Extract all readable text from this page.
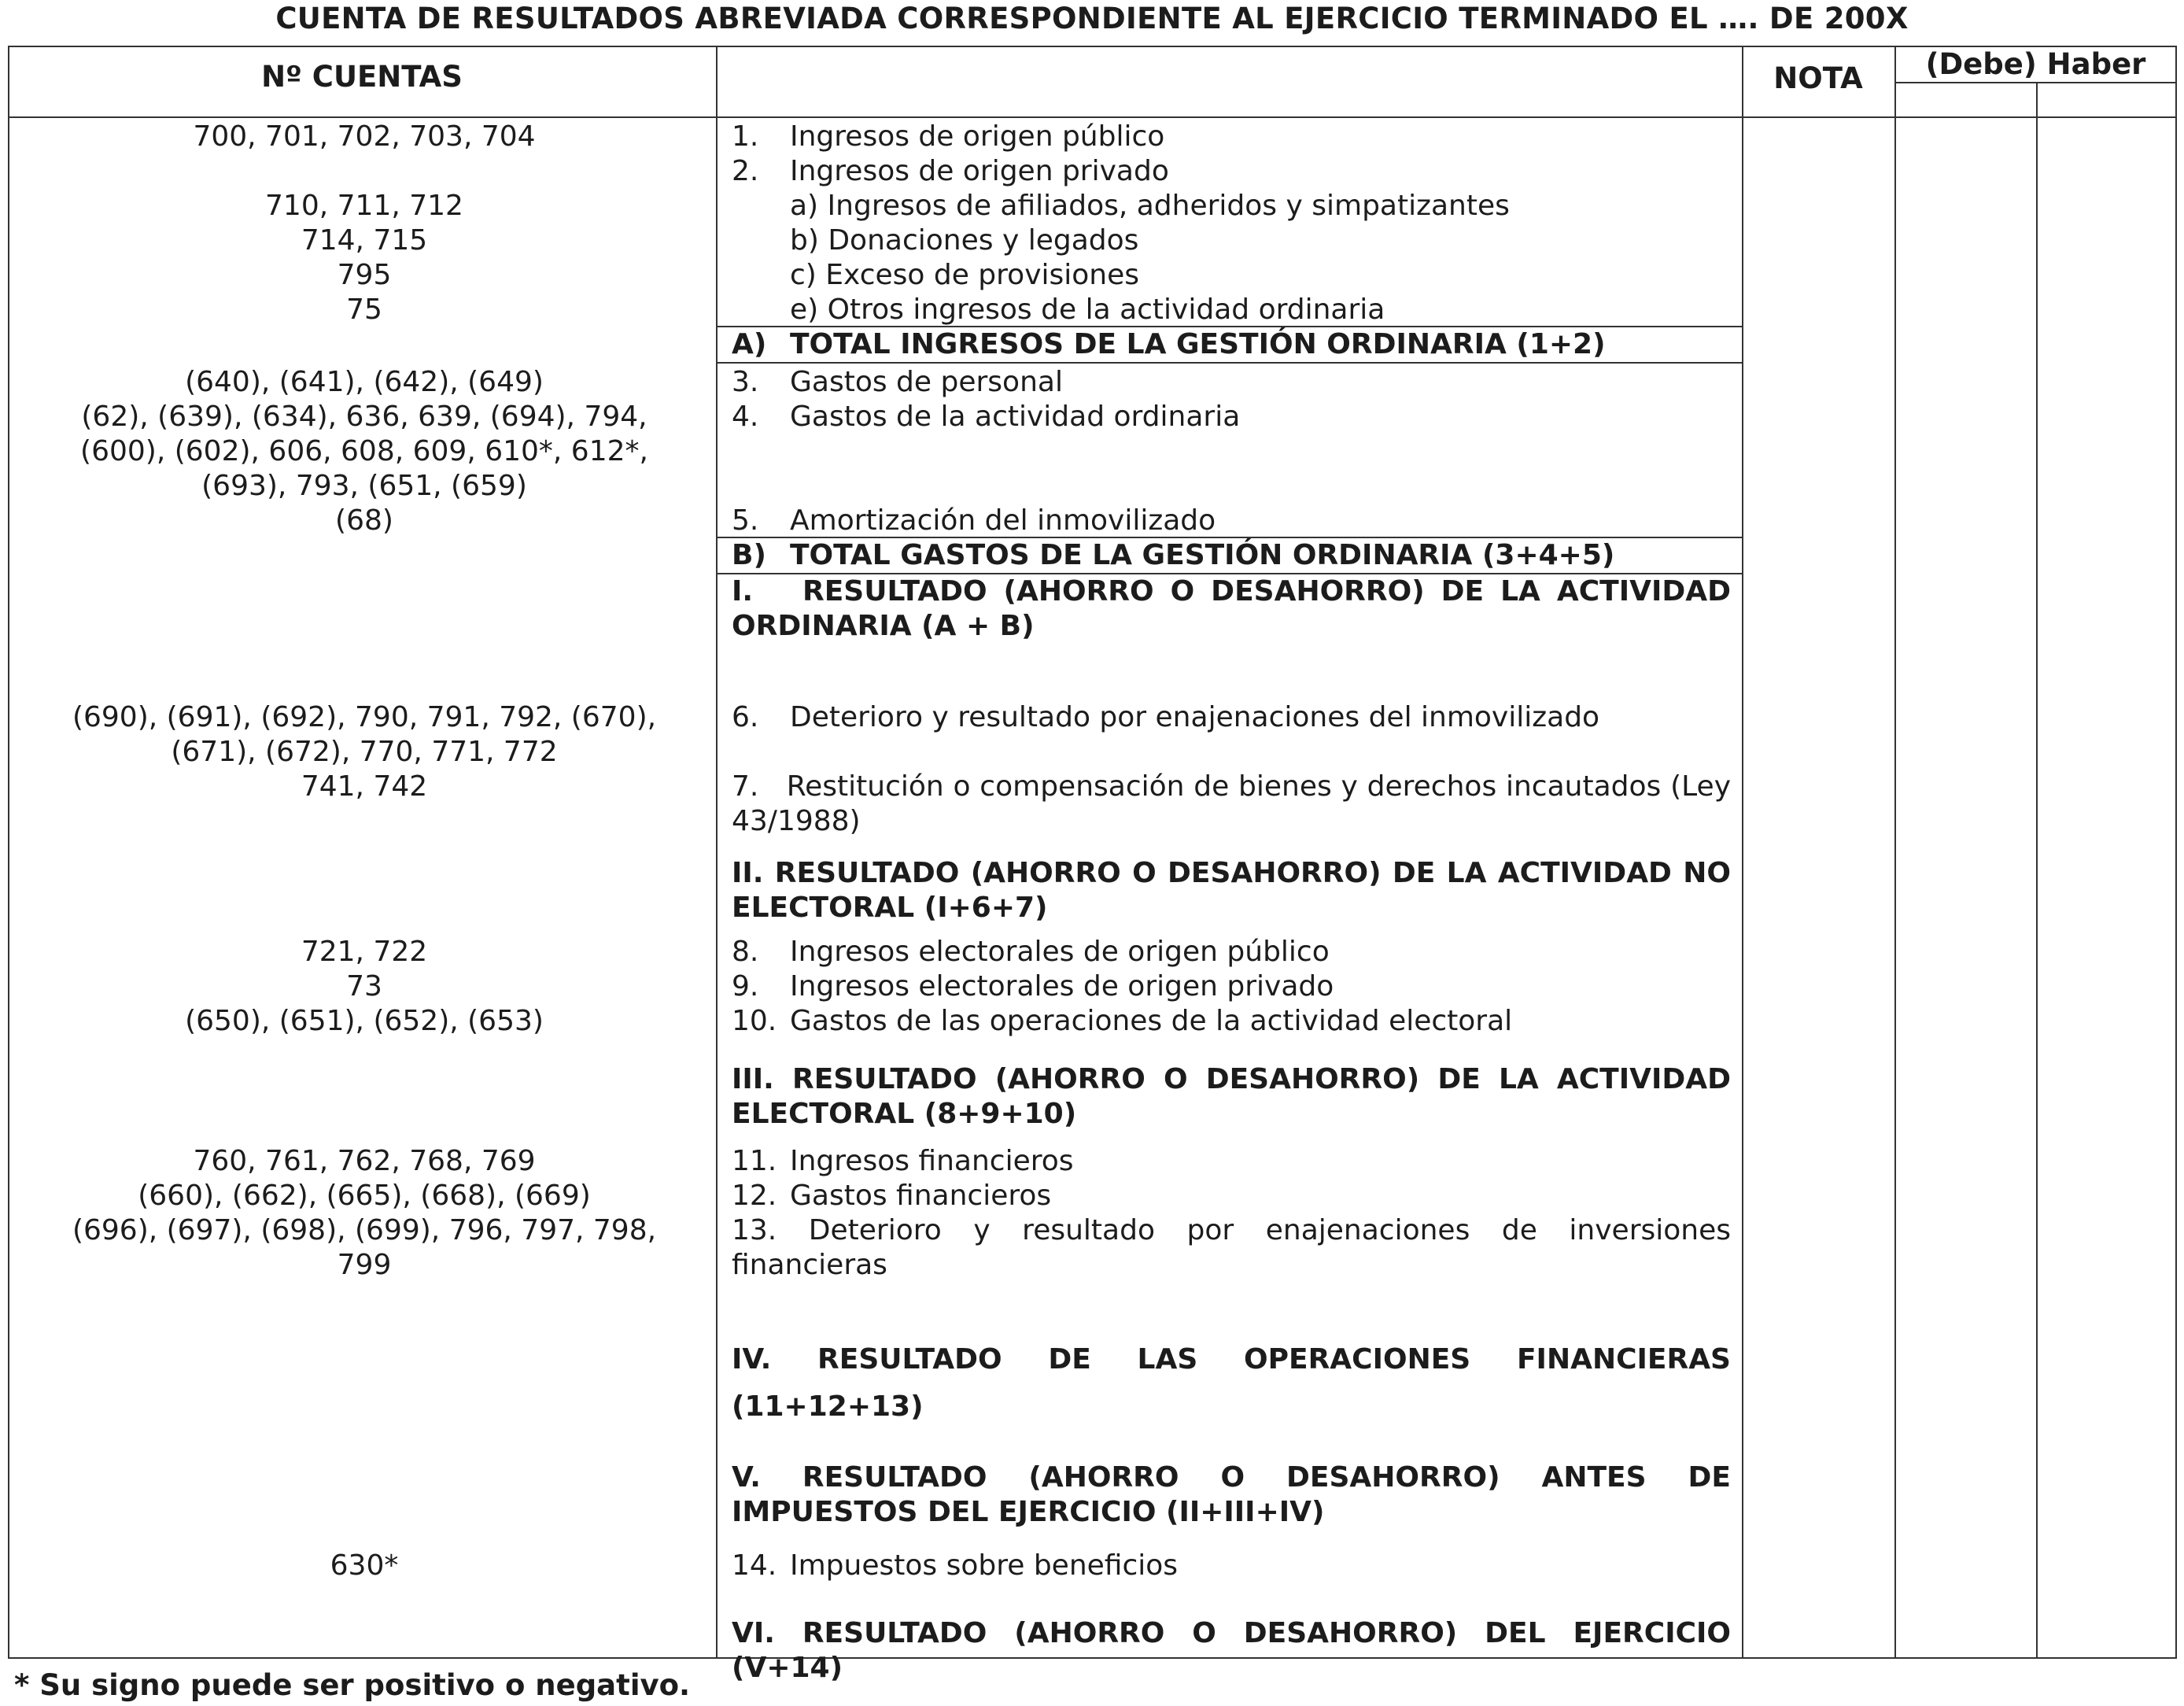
CUENTA DE RESULTADOS ABREVIADA CORRESPONDIENTE AL EJERCICIO TERMINADO EL …. DE 200X
Nº CUENTAS	NOTA	(Debe) Haber
700, 701, 702, 703, 704
710, 711, 712
714, 715
795
75
(640), (641), (642), (649)
(62), (639), (634), 636, 639, (694), 794,
(600), (602), 606, 608, 609, 610*, 612*,
(693), 793, (651, (659)
(68)
(690), (691), (692), 790, 791, 792, (670),
(671), (672), 770, 771, 772
741, 742
721, 722
73
(650), (651), (652), (653)
760, 761, 762, 768, 769
(660), (662), (665), (668), (669)
(696), (697), (698), (699), 796, 797, 798,
799
630*
1. Ingresos de origen público
2. Ingresos de origen privado
a) Ingresos de afiliados, adheridos y simpatizantes
b) Donaciones y legados
c) Exceso de provisiones
e) Otros ingresos de la actividad ordinaria
A) TOTAL INGRESOS DE LA GESTIÓN ORDINARIA (1+2)
3. Gastos de personal
4. Gastos de la actividad ordinaria
5. Amortización del inmovilizado
B) TOTAL GASTOS DE LA GESTIÓN ORDINARIA (3+4+5)
I.   RESULTADO (AHORRO O DESAHORRO) DE LA ACTIVIDAD ORDINARIA (A + B)
6. Deterioro y resultado por enajenaciones del inmovilizado
7.   Restitución o compensación de bienes y derechos incautados (Ley 43/1988)
II. RESULTADO (AHORRO O DESAHORRO) DE LA ACTIVIDAD NO ELECTORAL (I+6+7)
8. Ingresos electorales de origen público
9. Ingresos electorales de origen privado
10. Gastos de las operaciones de la actividad electoral
III. RESULTADO (AHORRO O DESAHORRO) DE LA ACTIVIDAD ELECTORAL (8+9+10)
11. Ingresos financieros
12. Gastos financieros
13. Deterioro y resultado por enajenaciones de inversiones financieras
IV. RESULTADO DE LAS OPERACIONES FINANCIERAS (11+12+13)
V. RESULTADO (AHORRO O DESAHORRO) ANTES DE IMPUESTOS DEL EJERCICIO (II+III+IV)
14. Impuestos sobre beneficios
VI. RESULTADO (AHORRO O DESAHORRO) DEL EJERCICIO (V+14)
* Su signo puede ser positivo o negativo.
